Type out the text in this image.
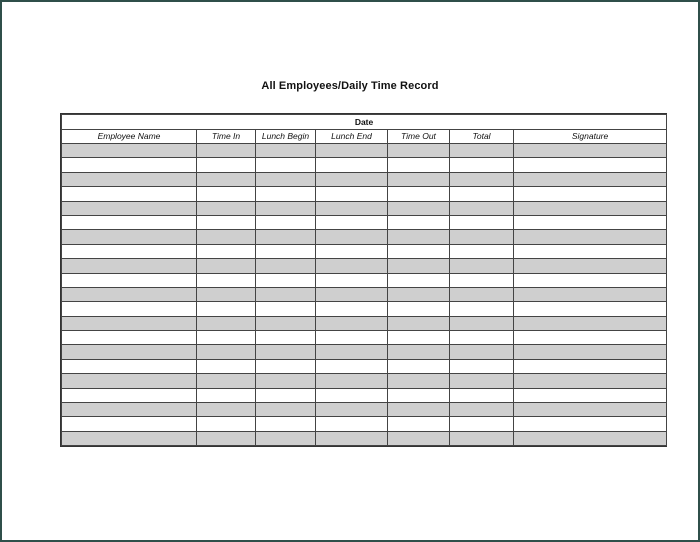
All Employees/Daily Time Record
Date						
Employee Name	Time In	Lunch Begin	Lunch End	Time Out	Total	Signature
